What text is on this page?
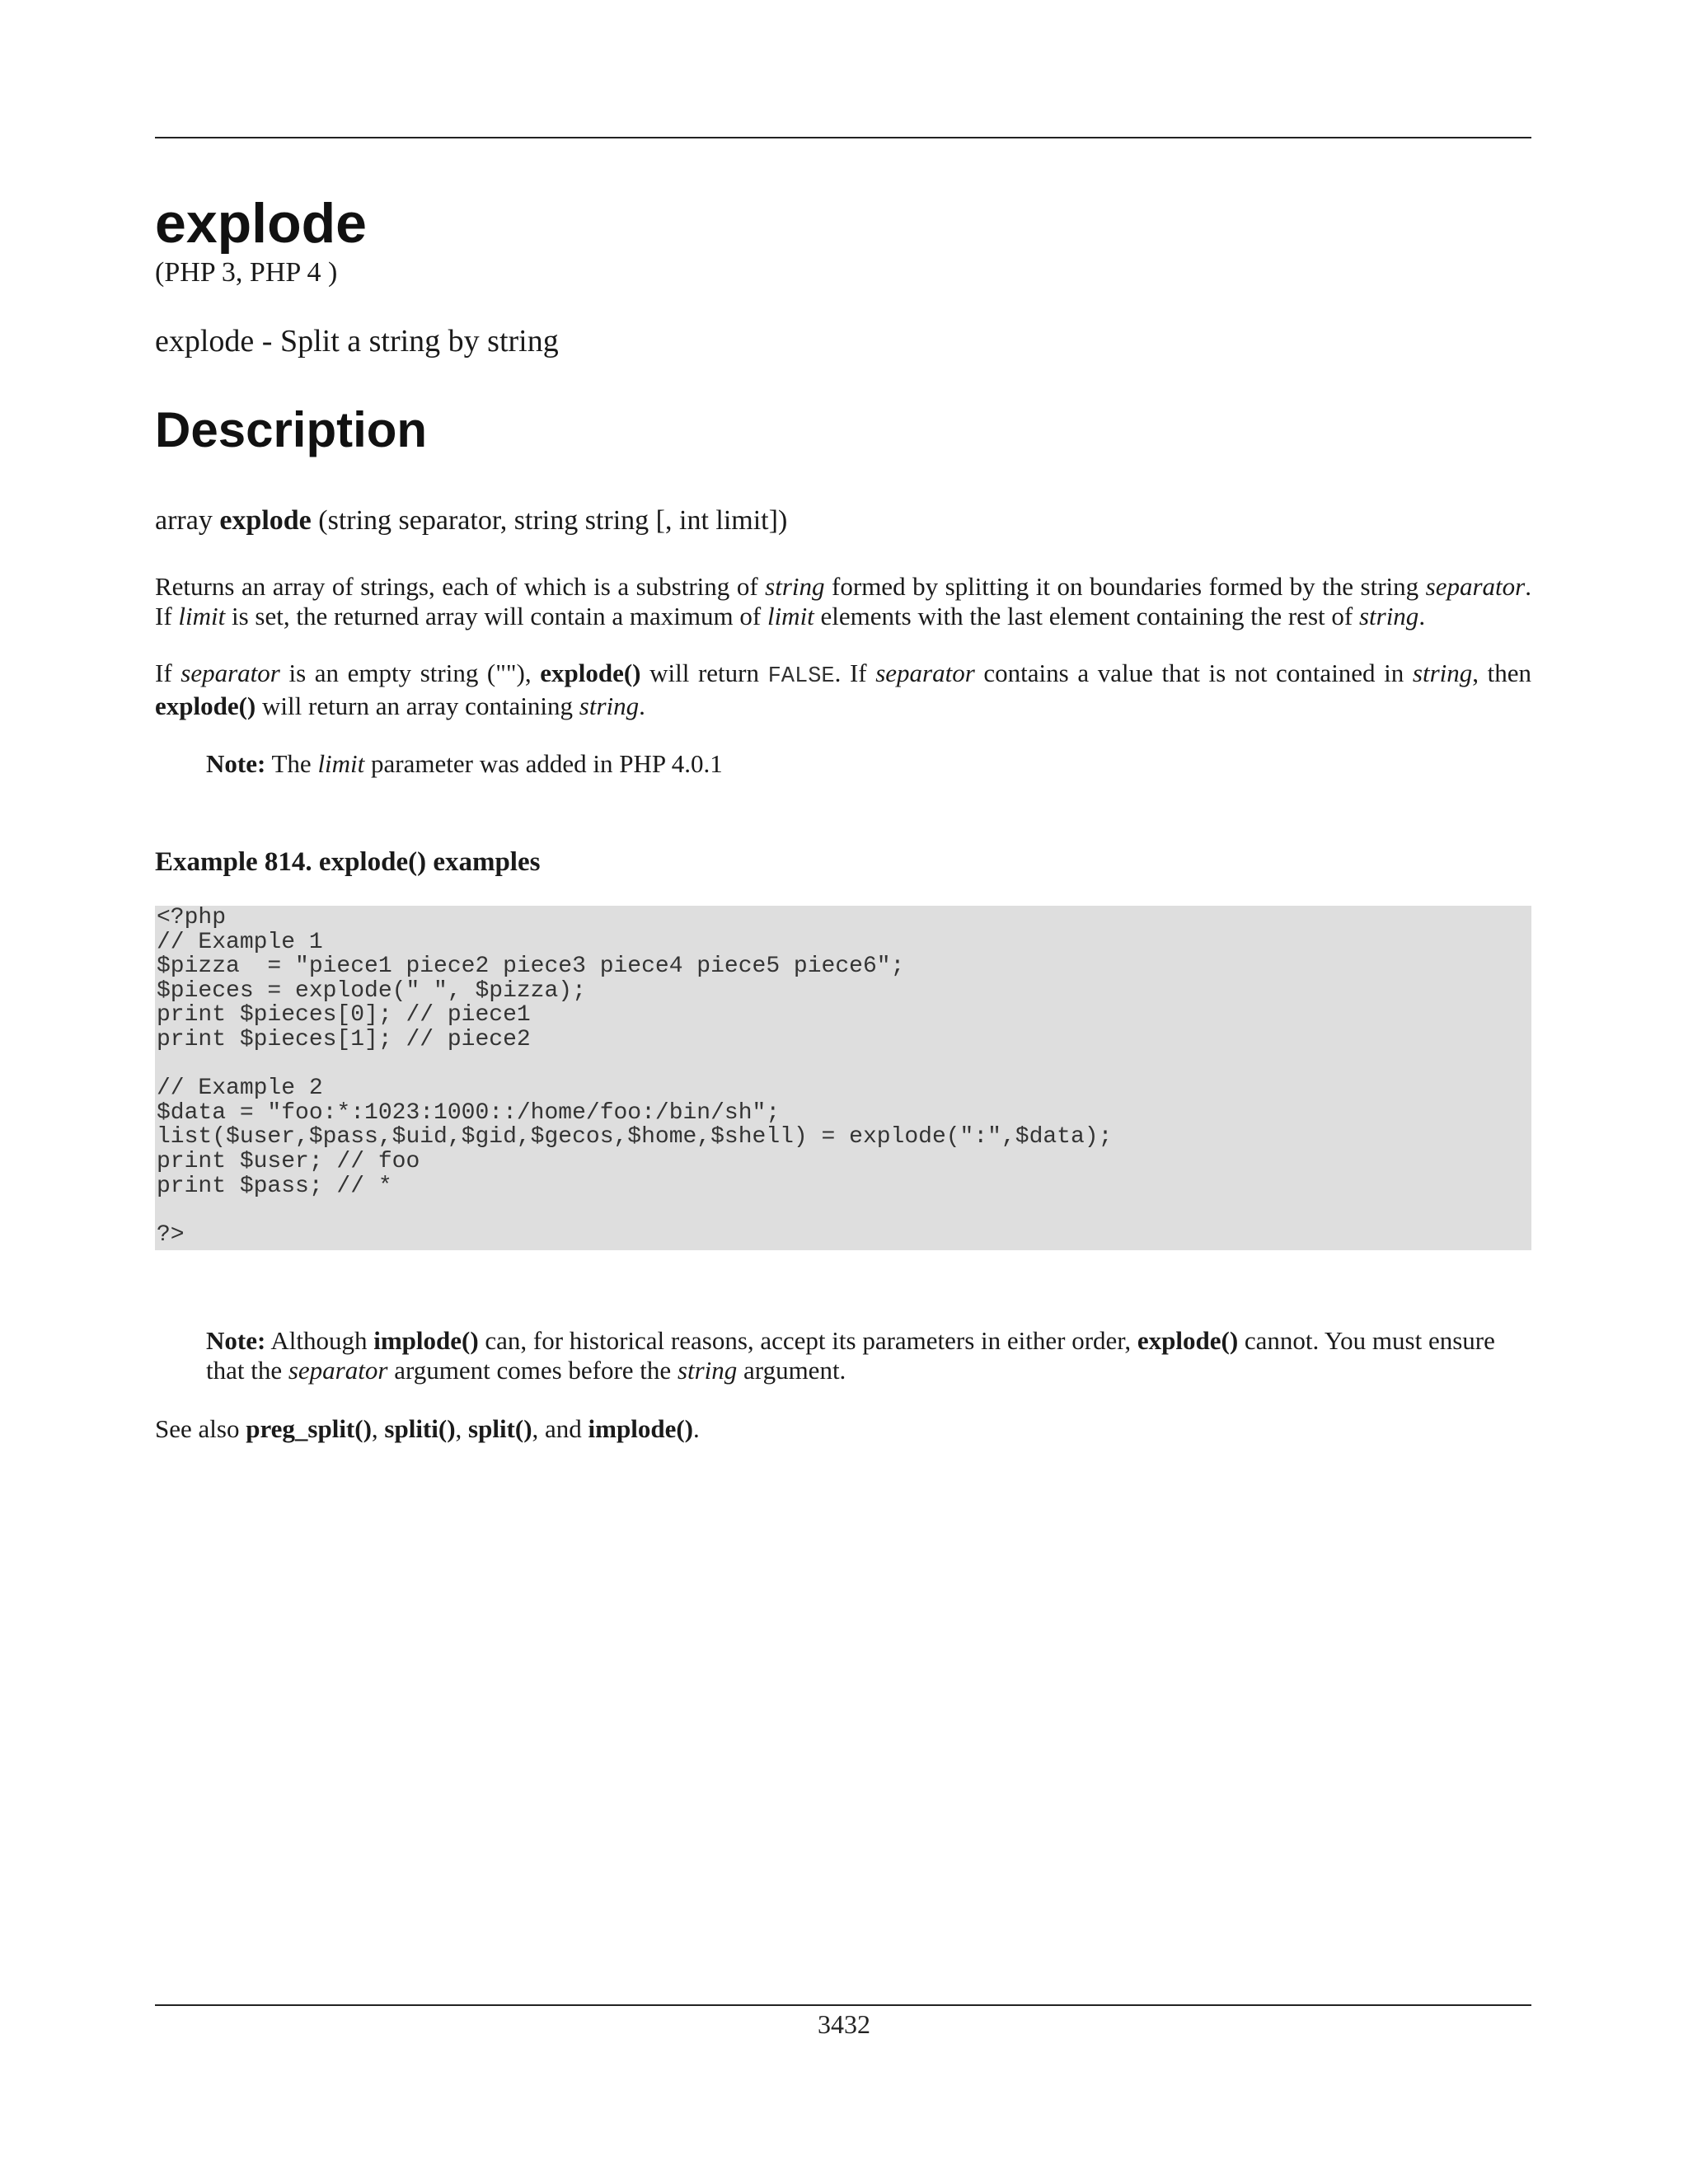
explode
(PHP 3, PHP 4 )
explode - Split a string by string
Description
array explode (string separator, string string [, int limit])

Returns an array of strings, each of which is a substring of string formed by splitting it on boundaries formed by the string separator. If limit is set, the returned array will contain a maximum of limit elements with the last element containing the rest of string.

If separator is an empty string (""), explode() will return FALSE. If separator contains a value that is not contained in string, then explode() will return an array containing string.

Note: The limit parameter was added in PHP 4.0.1
Example 814. explode() examples
<?php
// Example 1
$pizza  = "piece1 piece2 piece3 piece4 piece5 piece6";
$pieces = explode(" ", $pizza);
print $pieces[0]; // piece1
print $pieces[1]; // piece2

// Example 2
$data = "foo:*:1023:1000::/home/foo:/bin/sh";
list($user,$pass,$uid,$gid,$gecos,$home,$shell) = explode(":",$data);
print $user; // foo
print $pass; // *

?>
Note: Although implode() can, for historical reasons, accept its parameters in either order, explode() cannot. You must ensure that the separator argument comes before the string argument.
See also preg_split(), spliti(), split(), and implode().
3432
